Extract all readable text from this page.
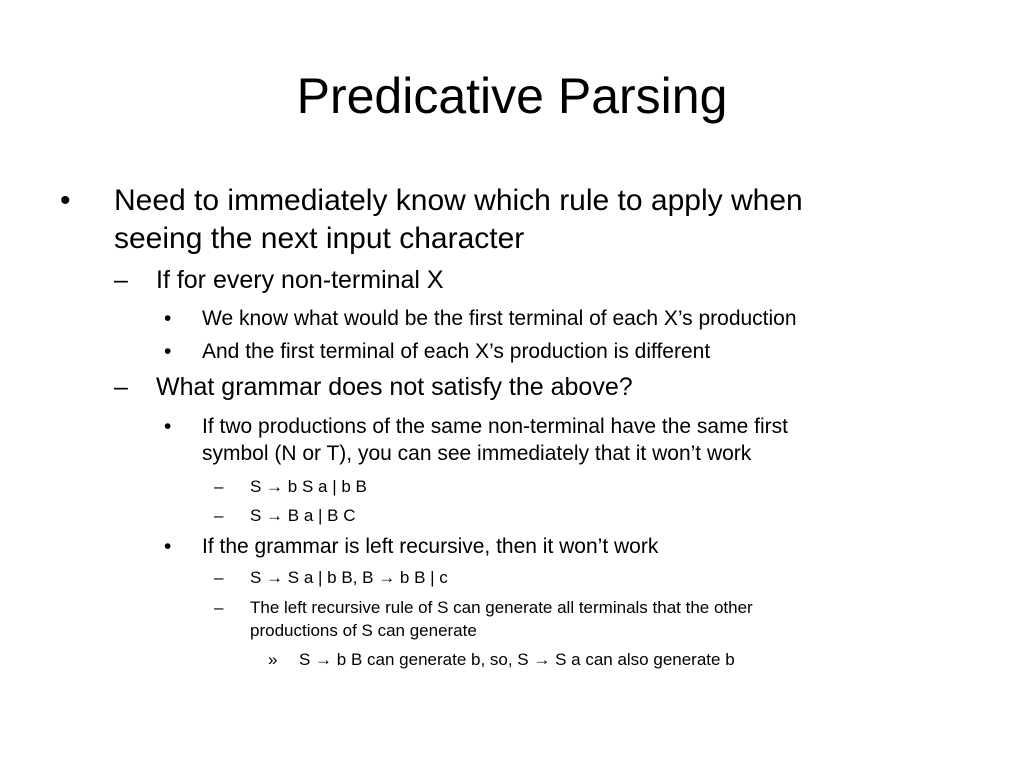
Predicative Parsing
• Need to immediately know which rule to apply when
seeing the next input character
– If for every non-terminal X
• We know what would be the first terminal of each X’s production
• And the first terminal of each X’s production is different
– What grammar does not satisfy the above?
• If two productions of the same non-terminal have the same first
symbol (N or T), you can see immediately that it won’t work
– S → b S a | b B
– S → B a | B C
• If the grammar is left recursive, then it won’t work
– S → S a | b B, B → b B | c
– The left recursive rule of S can generate all terminals that the other
productions of S can generate
» S → b B can generate b, so, S → S a can also generate b
